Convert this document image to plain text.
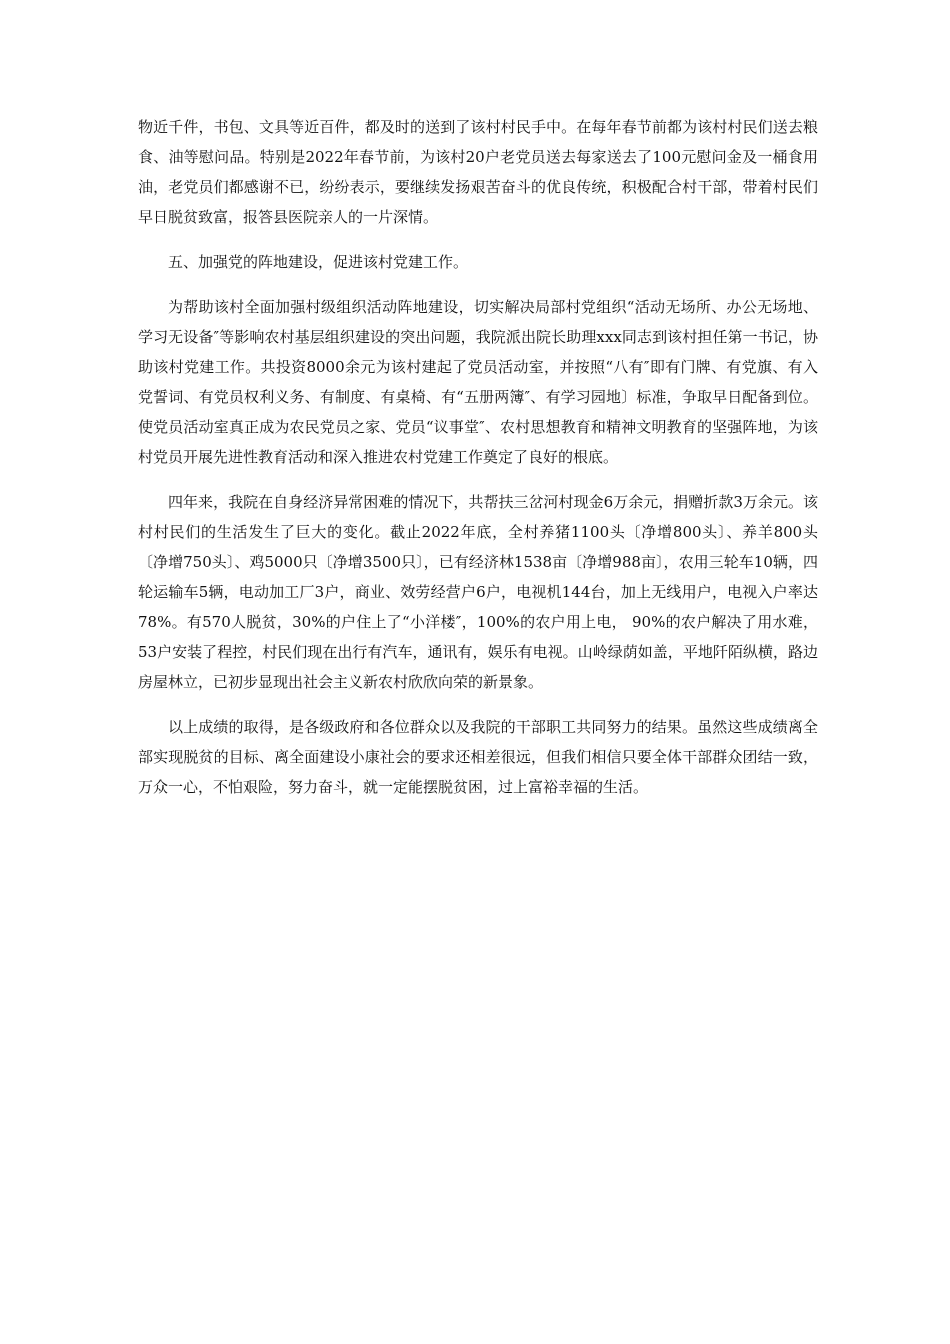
物近千件，书包、文具等近百件，都及时的送到了该村村民手中。在每年春节前都为该村村民们送去粮食、油等慰问品。特别是2022年春节前，为该村20户老党员送去每家送去了100元慰问金及一桶食用油，老党员们都感谢不已，纷纷表示，要继续发扬艰苦奋斗的优良传统，积极配合村干部，带着村民们早日脱贫致富，报答县医院亲人的一片深情。

五、加强党的阵地建设，促进该村党建工作。

为帮助该村全面加强村级组织活动阵地建设，切实解决局部村党组织“活动无场所、办公无场地、学习无设备″等影响农村基层组织建设的突出问题，我院派出院长助理xxx同志到该村担任第一书记，协助该村党建工作。共投资8000余元为该村建起了党员活动室，并按照“八有″即有门牌、有党旗、有入党誓词、有党员权利义务、有制度、有桌椅、有“五册两簿″、有学习园地〕标准，争取早日配备到位。使党员活动室真正成为农民党员之家、党员“议事堂″、农村思想教育和精神文明教育的坚强阵地，为该村党员开展先进性教育活动和深入推进农村党建工作奠定了良好的根底。

四年来，我院在自身经济异常困难的情况下，共帮扶三岔河村现金6万余元，捐赠折款3万余元。该村村民们的生活发生了巨大的变化。截止2022年底，全村养猪1100头〔净增800头〕、养羊800头〔净增750头〕、鸡5000只〔净增3500只〕，已有经济林1538亩〔净增988亩〕，农用三轮车10辆，四轮运输车5辆，电动加工厂3户，商业、效劳经营户6户，电视机144台，加上无线用户，电视入户率达78%。有570人脱贫，30%的户住上了“小洋楼″，100%的农户用上电， 90%的农户解决了用水难，53户安装了程控，村民们现在出行有汽车，通讯有，娱乐有电视。山岭绿荫如盖，平地阡陌纵横，路边房屋林立，已初步显现出社会主义新农村欣欣向荣的新景象。

以上成绩的取得，是各级政府和各位群众以及我院的干部职工共同努力的结果。虽然这些成绩离全部实现脱贫的目标、离全面建设小康社会的要求还相差很远，但我们相信只要全体干部群众团结一致，万众一心，不怕艰险，努力奋斗，就一定能摆脱贫困，过上富裕幸福的生活。
